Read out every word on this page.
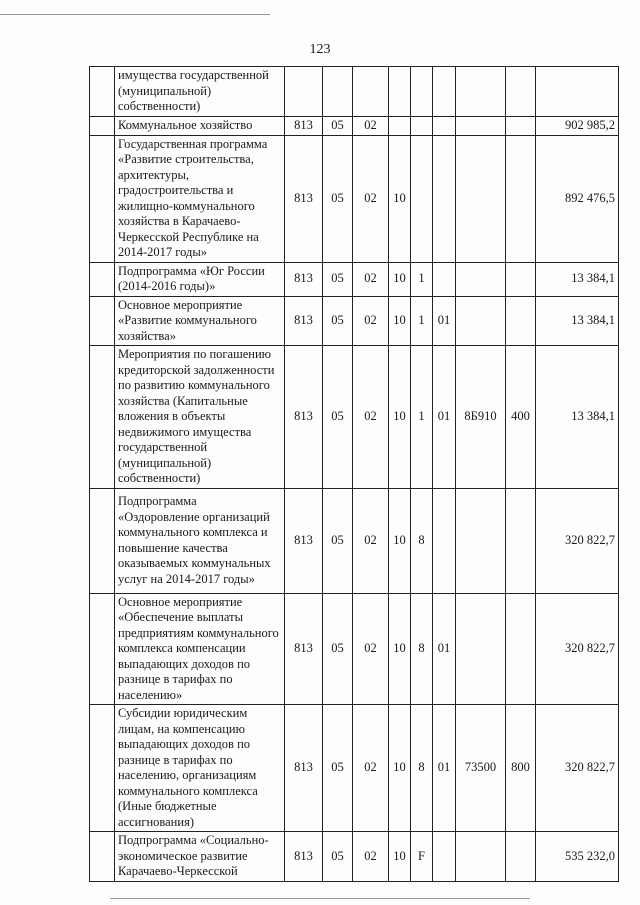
123
	имущества государственной (муниципальной) собственности)									
	Коммунальное хозяйство	813	05	02						902 985,2
	Государственная программа «Развитие строительства, архитектуры, градостроительства и жилищно-коммунального хозяйства в Карачаево-Черкесской Республике на 2014-2017 годы»	813	05	02	10					892 476,5
	Подпрограмма «Юг России (2014-2016 годы)»	813	05	02	10	1				13 384,1
	Основное мероприятие «Развитие коммунального хозяйства»	813	05	02	10	1	01			13 384,1
	Мероприятия по погашению кредиторской задолженности по развитию коммунального хозяйства (Капитальные вложения в объекты недвижимого имущества государственной (муниципальной) собственности)	813	05	02	10	1	01	8Б910	400	13 384,1
	Подпрограмма «Оздоровление организаций коммунального комплекса и повышение качества оказываемых коммунальных услуг на 2014-2017 годы»	813	05	02	10	8				320 822,7
	Основное мероприятие «Обеспечение выплаты предприятиям коммунального комплекса компенсации выпадающих доходов по разнице в тарифах по населению»	813	05	02	10	8	01			320 822,7
	Субсидии юридическим лицам, на компенсацию выпадающих доходов по разнице в тарифах по населению, организациям коммунального комплекса (Иные бюджетные ассигнования)	813	05	02	10	8	01	73500	800	320 822,7
	Подпрограмма «Социально-экономическое развитие Карачаево-Черкесской	813	05	02	10	F				535 232,0
